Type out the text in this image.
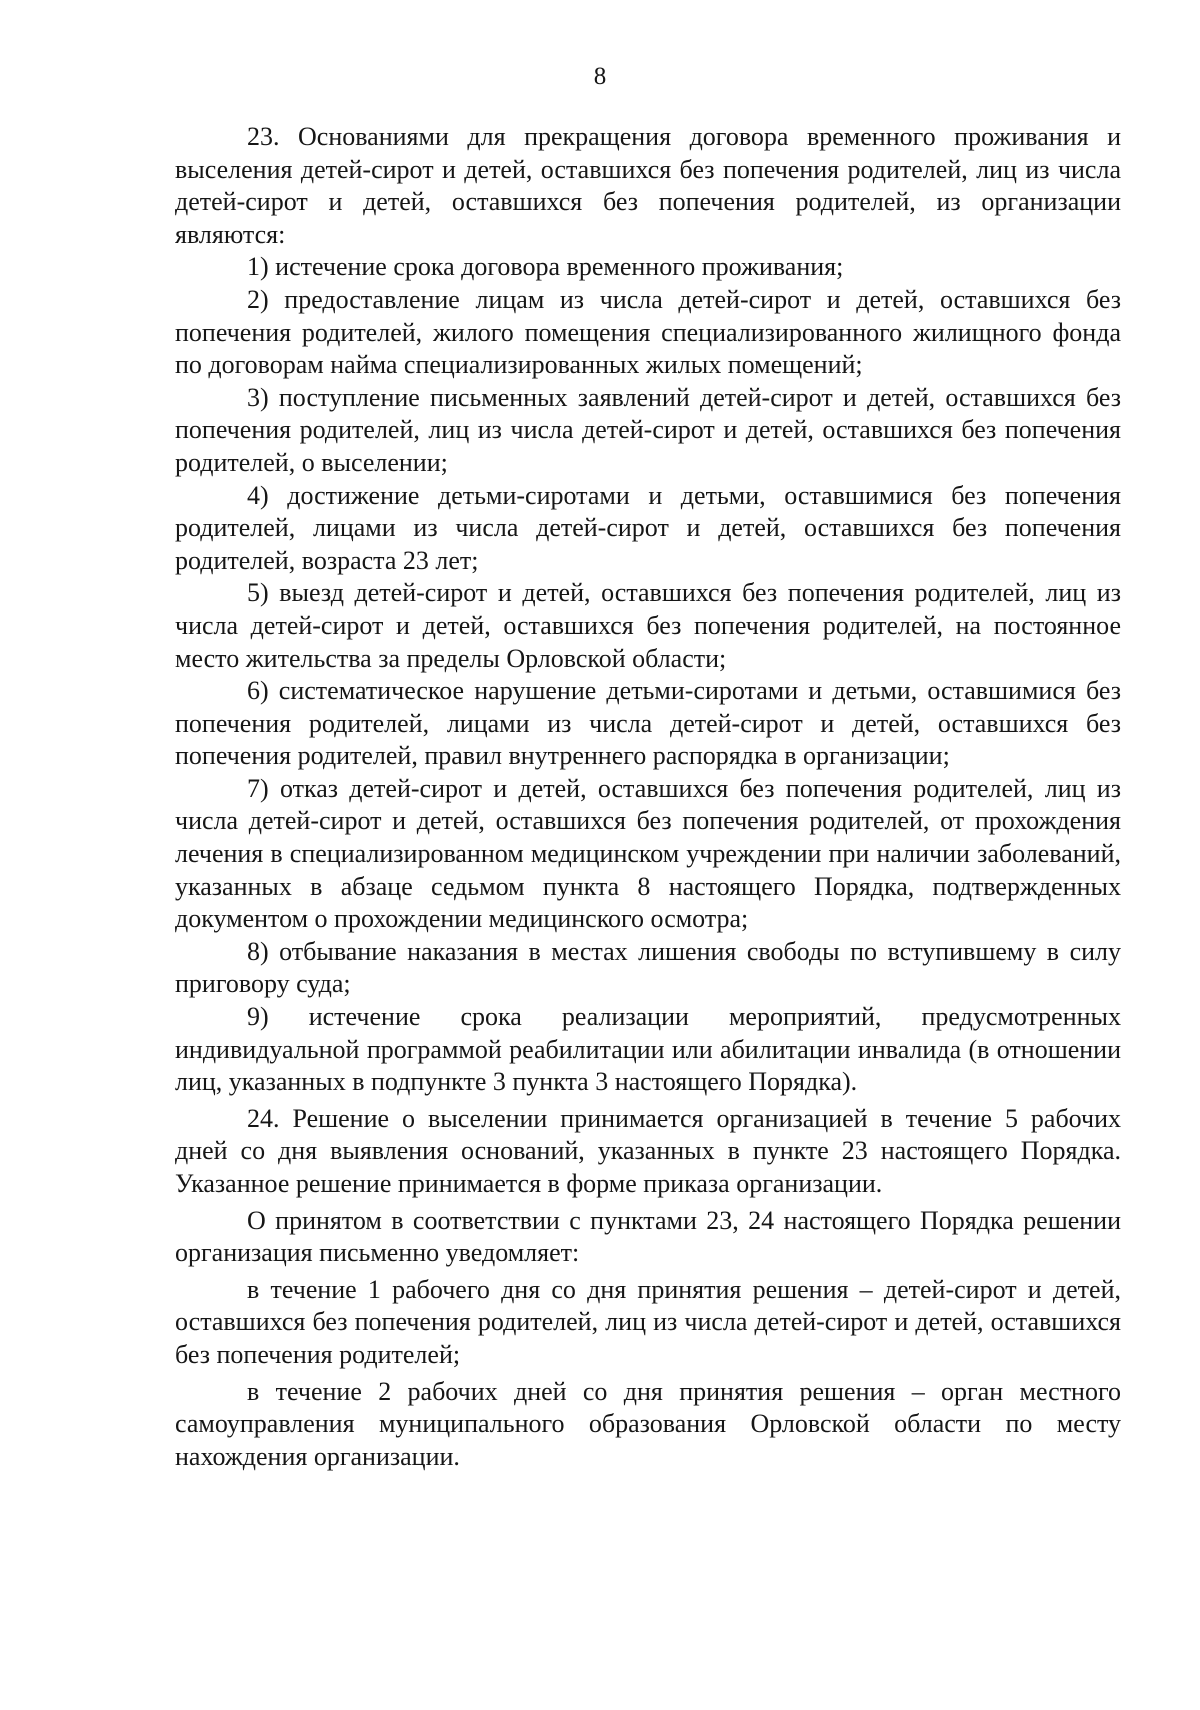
8

23. Основаниями для прекращения договора временного проживания и выселения детей-сирот и детей, оставшихся без попечения родителей, лиц из числа детей-сирот и детей, оставшихся без попечения родителей, из организации являются:

1) истечение срока договора временного проживания;

2) предоставление лицам из числа детей-сирот и детей, оставшихся без попечения родителей, жилого помещения специализированного жилищного фонда по договорам найма специализированных жилых помещений;

3) поступление письменных заявлений детей-сирот и детей, оставшихся без попечения родителей, лиц из числа детей-сирот и детей, оставшихся без попечения родителей, о выселении;

4) достижение детьми-сиротами и детьми, оставшимися без попечения родителей, лицами из числа детей-сирот и детей, оставшихся без попечения родителей, возраста 23 лет;

5) выезд детей-сирот и детей, оставшихся без попечения родителей, лиц из числа детей-сирот и детей, оставшихся без попечения родителей, на постоянное место жительства за пределы Орловской области;

6) систематическое нарушение детьми-сиротами и детьми, оставшимися без попечения родителей, лицами из числа детей-сирот и детей, оставшихся без попечения родителей, правил внутреннего распорядка в организации;

7) отказ детей-сирот и детей, оставшихся без попечения родителей, лиц из числа детей-сирот и детей, оставшихся без попечения родителей, от прохождения лечения в специализированном медицинском учреждении при наличии заболеваний, указанных в абзаце седьмом пункта 8 настоящего Порядка, подтвержденных документом о прохождении медицинского осмотра;

8) отбывание наказания в местах лишения свободы по вступившему в силу приговору суда;

9) истечение срока реализации мероприятий, предусмотренных индивидуальной программой реабилитации или абилитации инвалида (в отношении лиц, указанных в подпункте 3 пункта 3 настоящего Порядка).

24. Решение о выселении принимается организацией в течение 5 рабочих дней со дня выявления оснований, указанных в пункте 23 настоящего Порядка. Указанное решение принимается в форме приказа организации.

О принятом в соответствии с пунктами 23, 24 настоящего Порядка решении организация письменно уведомляет:

в течение 1 рабочего дня со дня принятия решения – детей-сирот и детей, оставшихся без попечения родителей, лиц из числа детей-сирот и детей, оставшихся без попечения родителей;

в течение 2 рабочих дней со дня принятия решения – орган местного самоуправления муниципального образования Орловской области по месту нахождения организации.
